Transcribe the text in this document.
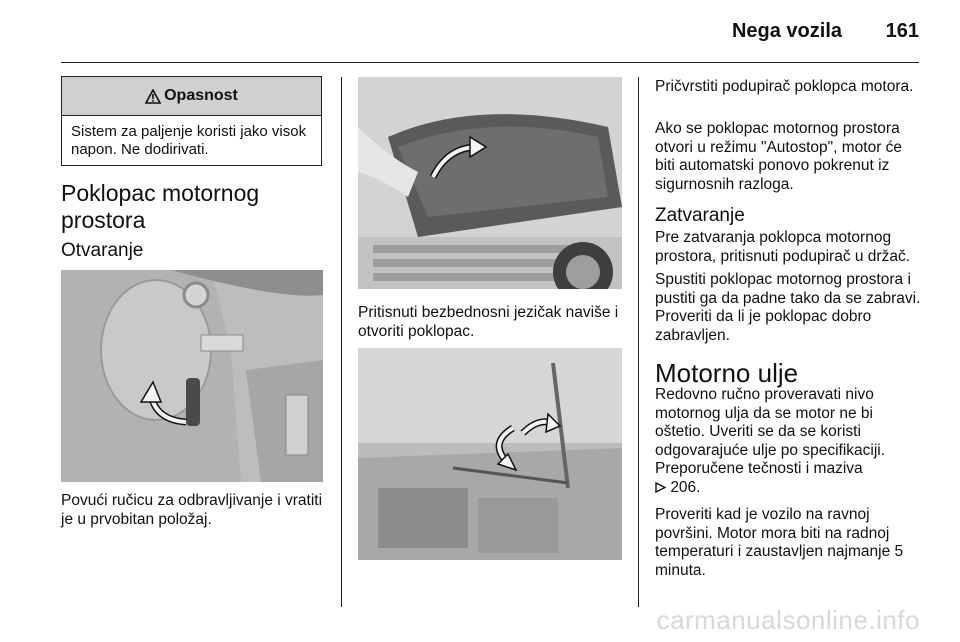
Nega vozila 161
Opasnost
Sistem za paljenje koristi jako visok napon. Ne dodirivati.
Poklopac motornog prostora
Otvaranje

Povući ručicu za odbravljivanje i vratiti je u prvobitan položaj.

Pritisnuti bezbednosni jezičak naviše i otvoriti poklopac.

Pričvrstiti podupirač poklopca motora.

Ako se poklopac motornog prostora otvori u režimu "Autostop", motor će biti automatski ponovo pokrenut iz sigurnosnih razloga.

Zatvaranje

Pre zatvaranja poklopca motornog prostora, pritisnuti podupirač u držač.

Spustiti poklopac motornog prostora i pustiti ga da padne tako da se zabravi. Proveriti da li je poklopac dobro zabravljen.

Motorno ulje

Redovno ručno proveravati nivo motornog ulja da se motor ne bi oštetio. Uveriti se da se koristi odgovarajuće ulje po specifikaciji. Preporučene tečnosti i maziva
206.

Proveriti kad je vozilo na ravnoj površini. Motor mora biti na radnoj temperaturi i zaustavljen najmanje 5 minuta.

carmanualsonline.info
